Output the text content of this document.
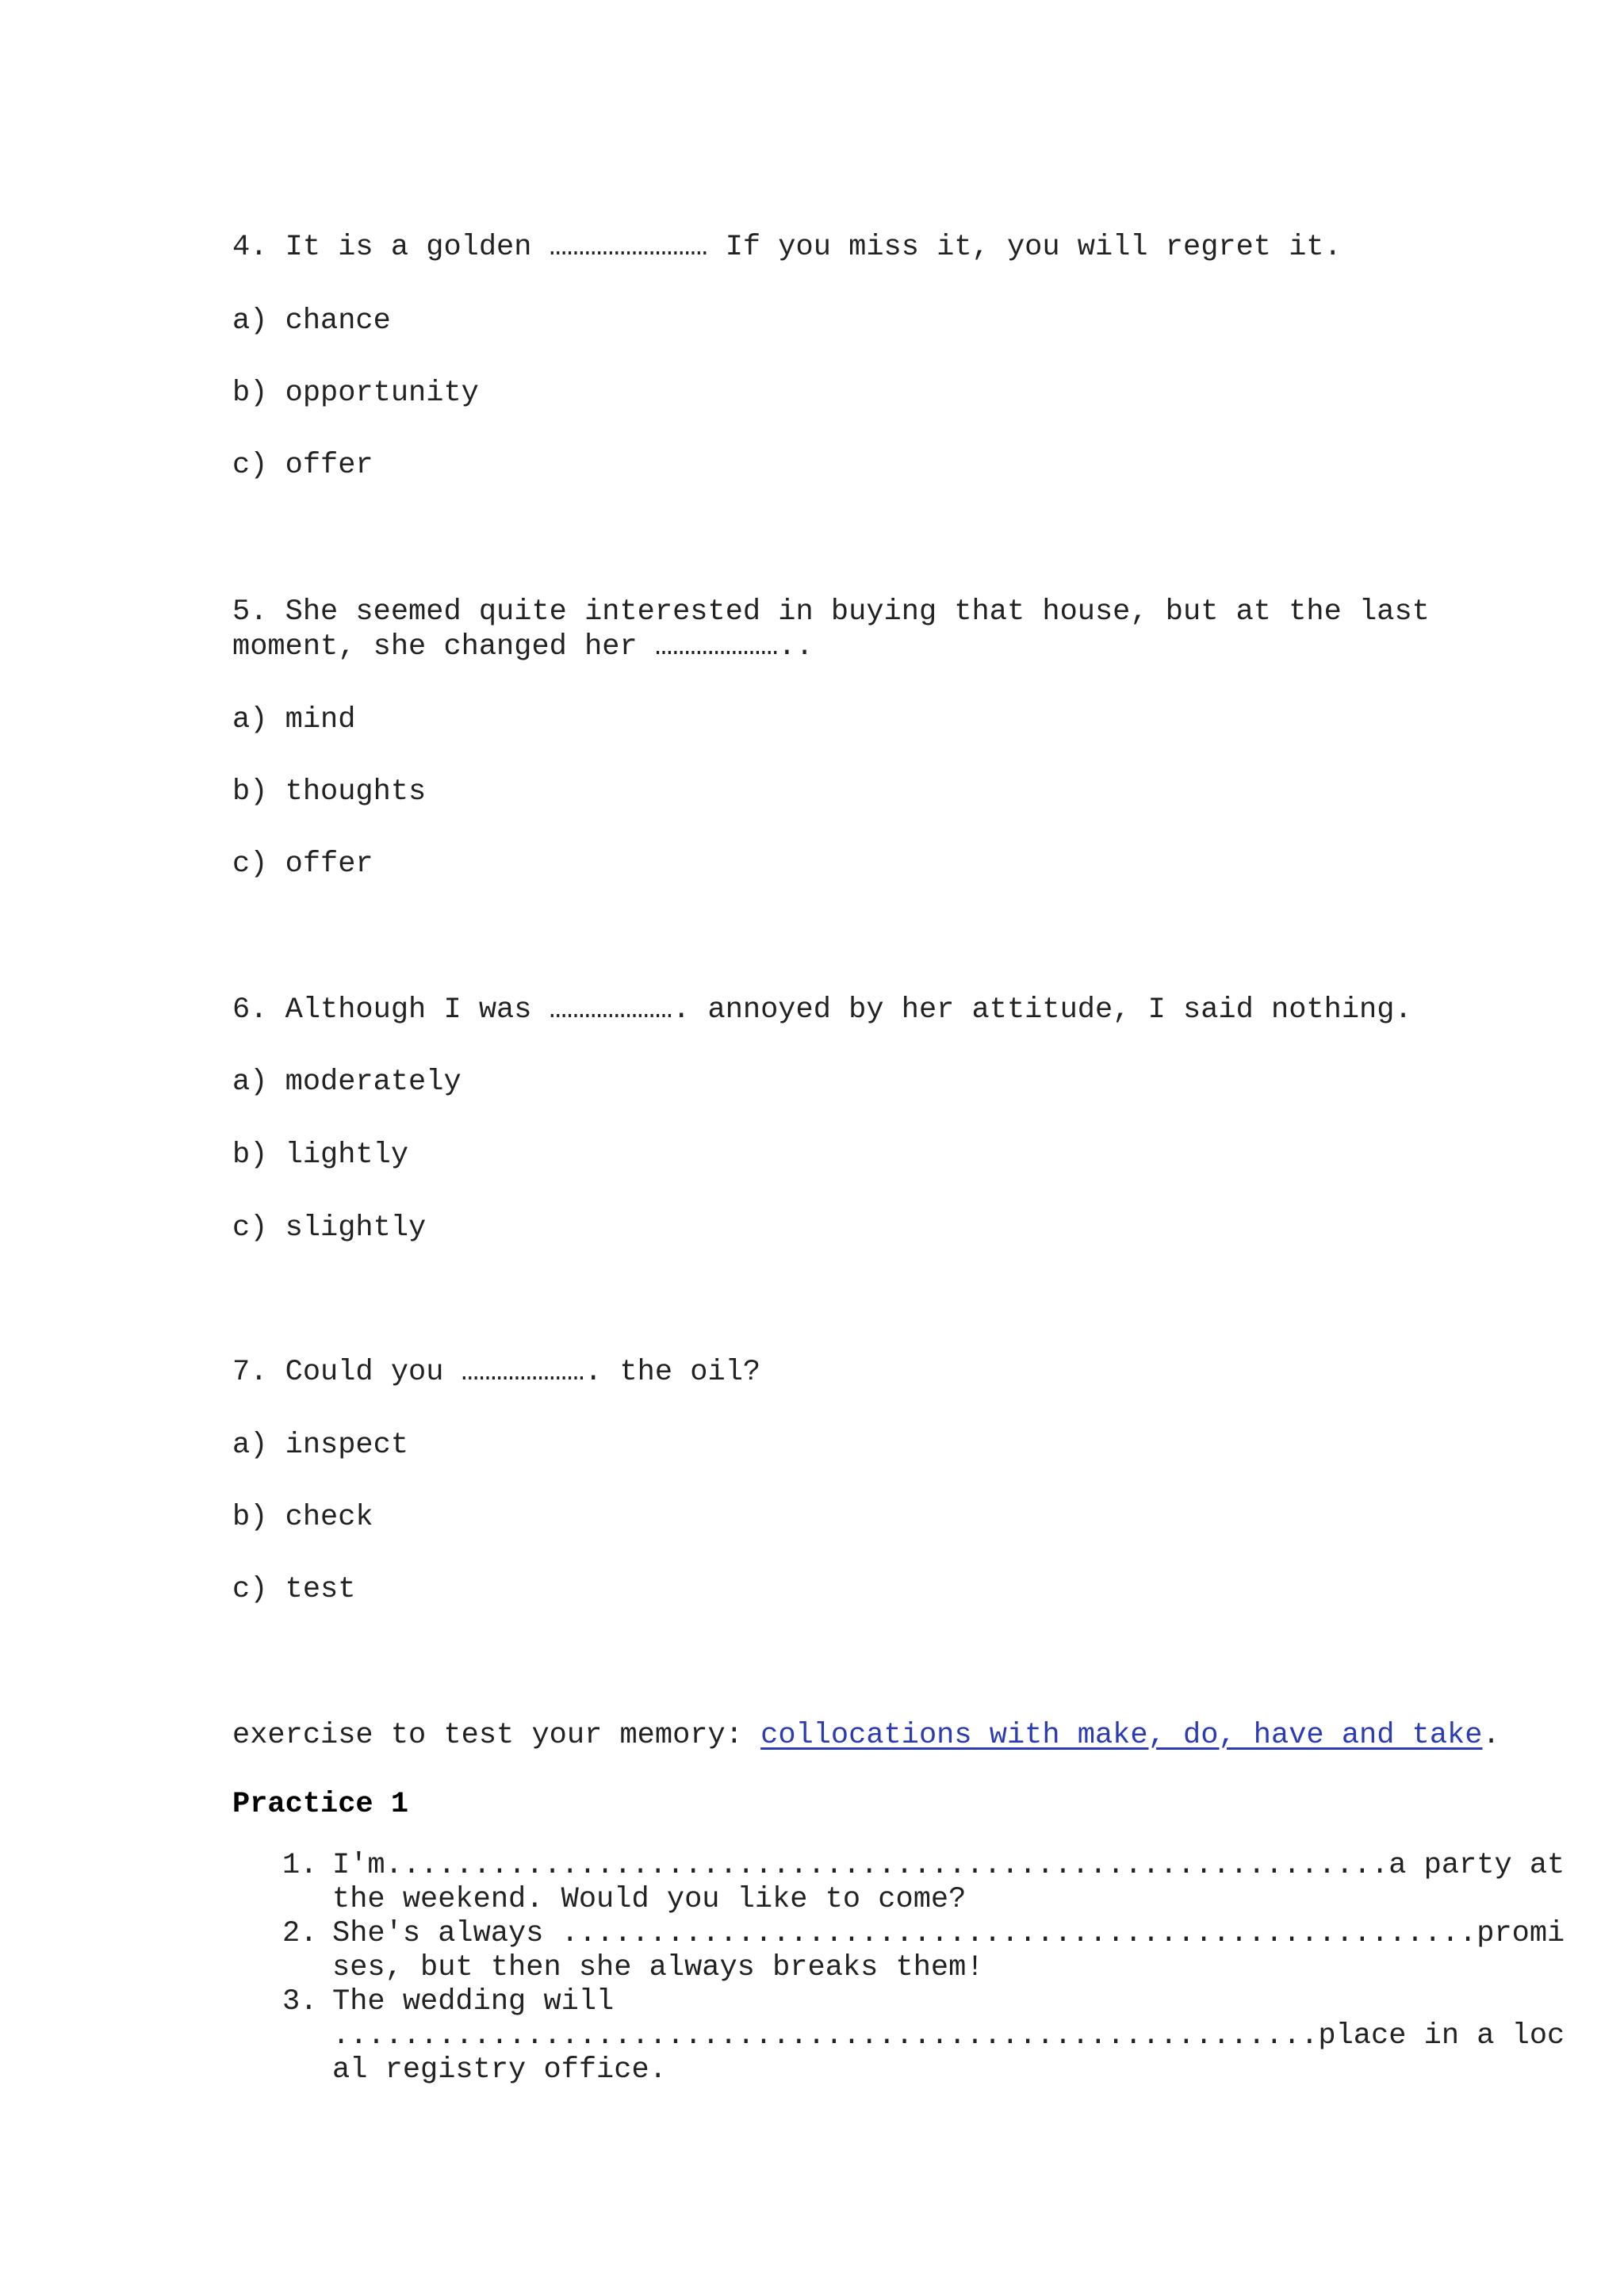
4. It is a golden ……………………… If you miss it, you will regret it.
a) chance
b) opportunity
c) offer
5. She seemed quite interested in buying that house, but at the last moment, she changed her …………………..
a) mind
b) thoughts
c) offer
6. Although I was …………………. annoyed by her attitude, I said nothing.
a) moderately
b) lightly
c) slightly
7. Could you …………………. the oil?
a) inspect
b) check
c) test
exercise to test your memory: collocations with make, do, have and take.
Practice 1
1. I'm.........................................................a party at the weekend. Would you like to come?
2. She's always ....................................................promises, but then she always breaks them!
3. The wedding will ........................................................place in a local registry office.
